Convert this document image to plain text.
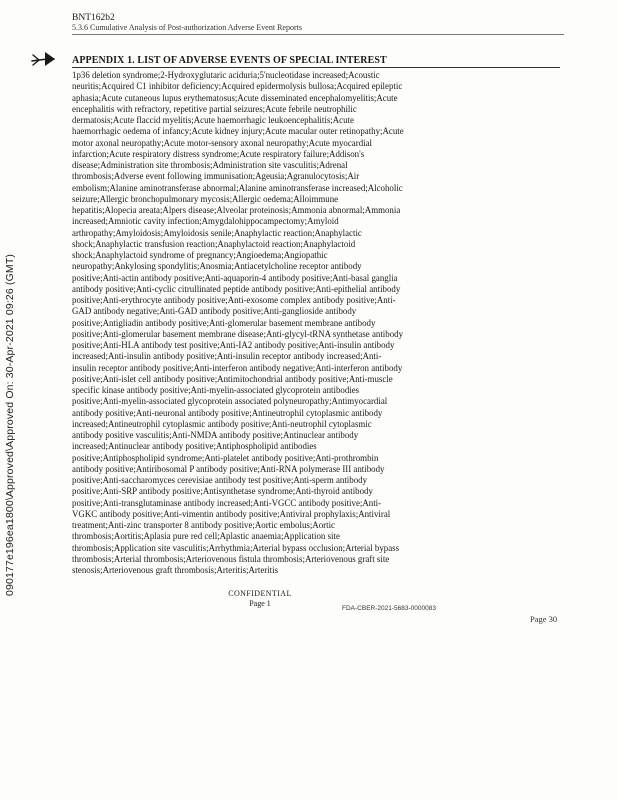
BNT162b2
5.3.6 Cumulative Analysis of Post-authorization Adverse Event Reports
APPENDIX 1. LIST OF ADVERSE EVENTS OF SPECIAL INTEREST
1p36 deletion syndrome;2-Hydroxyglutaric aciduria;5'nucleotidase increased;Acoustic
neuritis;Acquired C1 inhibitor deficiency;Acquired epidermolysis bullosa;Acquired epileptic
aphasia;Acute cutaneous lupus erythematosus;Acute disseminated encephalomyelitis;Acute
encephalitis with refractory, repetitive partial seizures;Acute febrile neutrophilic
dermatosis;Acute flaccid myelitis;Acute haemorrhagic leukoencephalitis;Acute
haemorrhagic oedema of infancy;Acute kidney injury;Acute macular outer retinopathy;Acute
motor axonal neuropathy;Acute motor-sensory axonal neuropathy;Acute myocardial
infarction;Acute respiratory distress syndrome;Acute respiratory failure;Addison's
disease;Administration site thrombosis;Administration site vasculitis;Adrenal
thrombosis;Adverse event following immunisation;Ageusia;Agranulocytosis;Air
embolism;Alanine aminotransferase abnormal;Alanine aminotransferase increased;Alcoholic
seizure;Allergic bronchopulmonary mycosis;Allergic oedema;Alloimmune
hepatitis;Alopecia areata;Alpers disease;Alveolar proteinosis;Ammonia abnormal;Ammonia
increased;Amniotic cavity infection;Amygdalohippocampectomy;Amyloid
arthropathy;Amyloidosis;Amyloidosis senile;Anaphylactic reaction;Anaphylactic
shock;Anaphylactic transfusion reaction;Anaphylactoid reaction;Anaphylactoid
shock;Anaphylactoid syndrome of pregnancy;Angioedema;Angiopathic
neuropathy;Ankylosing spondylitis;Anosmia;Antiacetylcholine receptor antibody
positive;Anti-actin antibody positive;Anti-aquaporin-4 antibody positive;Anti-basal ganglia
antibody positive;Anti-cyclic citrullinated peptide antibody positive;Anti-epithelial antibody
positive;Anti-erythrocyte antibody positive;Anti-exosome complex antibody positive;Anti-
GAD antibody negative;Anti-GAD antibody positive;Anti-ganglioside antibody
positive;Antigliadin antibody positive;Anti-glomerular basement membrane antibody
positive;Anti-glomerular basement membrane disease;Anti-glycyl-tRNA synthetase antibody
positive;Anti-HLA antibody test positive;Anti-IA2 antibody positive;Anti-insulin antibody
increased;Anti-insulin antibody positive;Anti-insulin receptor antibody increased;Anti-
insulin receptor antibody positive;Anti-interferon antibody negative;Anti-interferon antibody
positive;Anti-islet cell antibody positive;Antimitochondrial antibody positive;Anti-muscle
specific kinase antibody positive;Anti-myelin-associated glycoprotein antibodies
positive;Anti-myelin-associated glycoprotein associated polyneuropathy;Antimyocardial
antibody positive;Anti-neuronal antibody positive;Antineutrophil cytoplasmic antibody
increased;Antineutrophil cytoplasmic antibody positive;Anti-neutrophil cytoplasmic
antibody positive vasculitis;Anti-NMDA antibody positive;Antinuclear antibody
increased;Antinuclear antibody positive;Antiphospholipid antibodies
positive;Antiphospholipid syndrome;Anti-platelet antibody positive;Anti-prothrombin
antibody positive;Antiribosomal P antibody positive;Anti-RNA polymerase III antibody
positive;Anti-saccharomyces cerevisiae antibody test positive;Anti-sperm antibody
positive;Anti-SRP antibody positive;Antisynthetase syndrome;Anti-thyroid antibody
positive;Anti-transglutaminase antibody increased;Anti-VGCC antibody positive;Anti-
VGKC antibody positive;Anti-vimentin antibody positive;Antiviral prophylaxis;Antiviral
treatment;Anti-zinc transporter 8 antibody positive;Aortic embolus;Aortic
thrombosis;Aortitis;Aplasia pure red cell;Aplastic anaemia;Application site
thrombosis;Application site vasculitis;Arrhythmia;Arterial bypass occlusion;Arterial bypass
thrombosis;Arterial thrombosis;Arteriovenous fistula thrombosis;Arteriovenous graft site
stenosis;Arteriovenous graft thrombosis;Arteritis;Arteritis
090177e196ea1800\Approved\Approved On: 30-Apr-2021 09:26 (GMT)	CONFIDENTIAL
Page 1
FDA-CBER-2021-5683-0000083
Page 30
